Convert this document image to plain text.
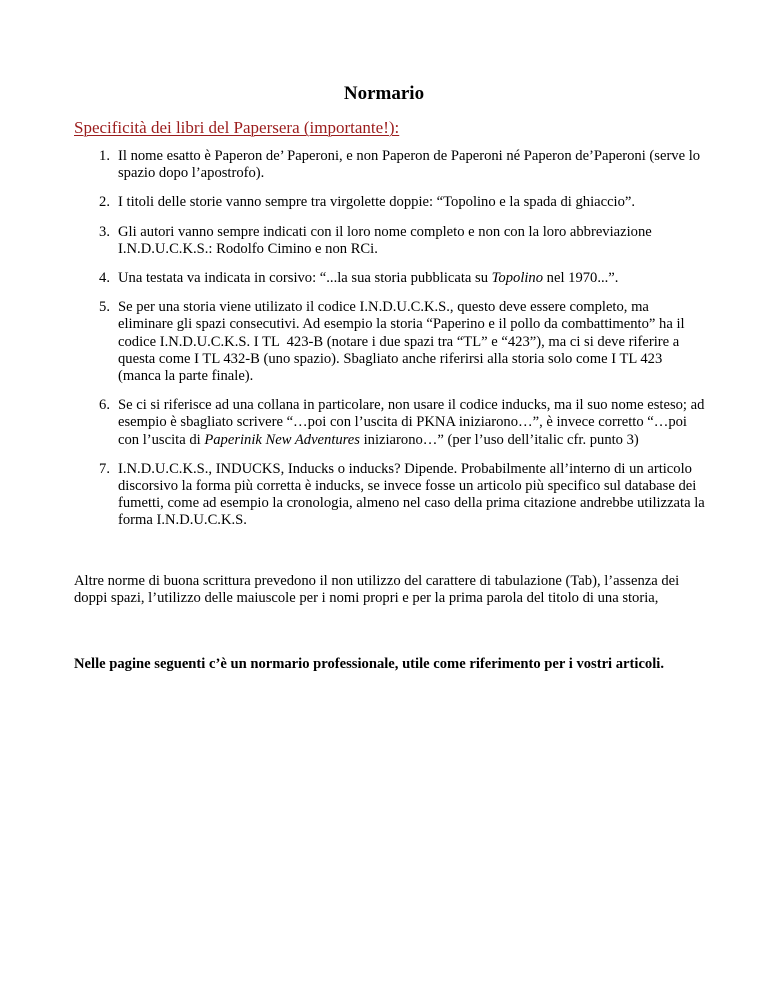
Normario
Specificità dei libri del Papersera (importante!):
1. Il nome esatto è Paperon de’ Paperoni, e non Paperon de Paperoni né Paperon de’Paperoni (serve lo spazio dopo l’apostrofo).
2. I titoli delle storie vanno sempre tra virgolette doppie: “Topolino e la spada di ghiaccio”.
3. Gli autori vanno sempre indicati con il loro nome completo e non con la loro abbreviazione I.N.D.U.C.K.S.: Rodolfo Cimino e non RCi.
4. Una testata va indicata in corsivo: “...la sua storia pubblicata su Topolino nel 1970...”.
5. Se per una storia viene utilizato il codice I.N.D.U.C.K.S., questo deve essere completo, ma eliminare gli spazi consecutivi. Ad esempio la storia “Paperino e il pollo da combattimento” ha il codice I.N.D.U.C.K.S. I TL  423-B (notare i due spazi tra “TL” e “423”), ma ci si deve riferire a questa come I TL 432-B (uno spazio). Sbagliato anche riferirsi alla storia solo come I TL 423 (manca la parte finale).
6. Se ci si riferisce ad una collana in particolare, non usare il codice inducks, ma il suo nome esteso; ad esempio è sbagliato scrivere “…poi con l’uscita di PKNA iniziarono…”, è invece corretto “…poi con l’uscita di Paperinik New Adventures iniziarono…” (per l’uso dell’italic cfr. punto 3)
7. I.N.D.U.C.K.S., INDUCKS, Inducks o inducks? Dipende. Probabilmente all’interno di un articolo discorsivo la forma più corretta è inducks, se invece fosse un articolo più specifico sul database dei fumetti, come ad esempio la cronologia, almeno nel caso della prima citazione andrebbe utilizzata la forma I.N.D.U.C.K.S.
Altre norme di buona scrittura prevedono il non utilizzo del carattere di tabulazione (Tab), l’assenza dei doppi spazi, l’utilizzo delle maiuscole per i nomi propri e per la prima parola del titolo di una storia,
Nelle pagine seguenti c’è un normario professionale, utile come riferimento per i vostri articoli.
